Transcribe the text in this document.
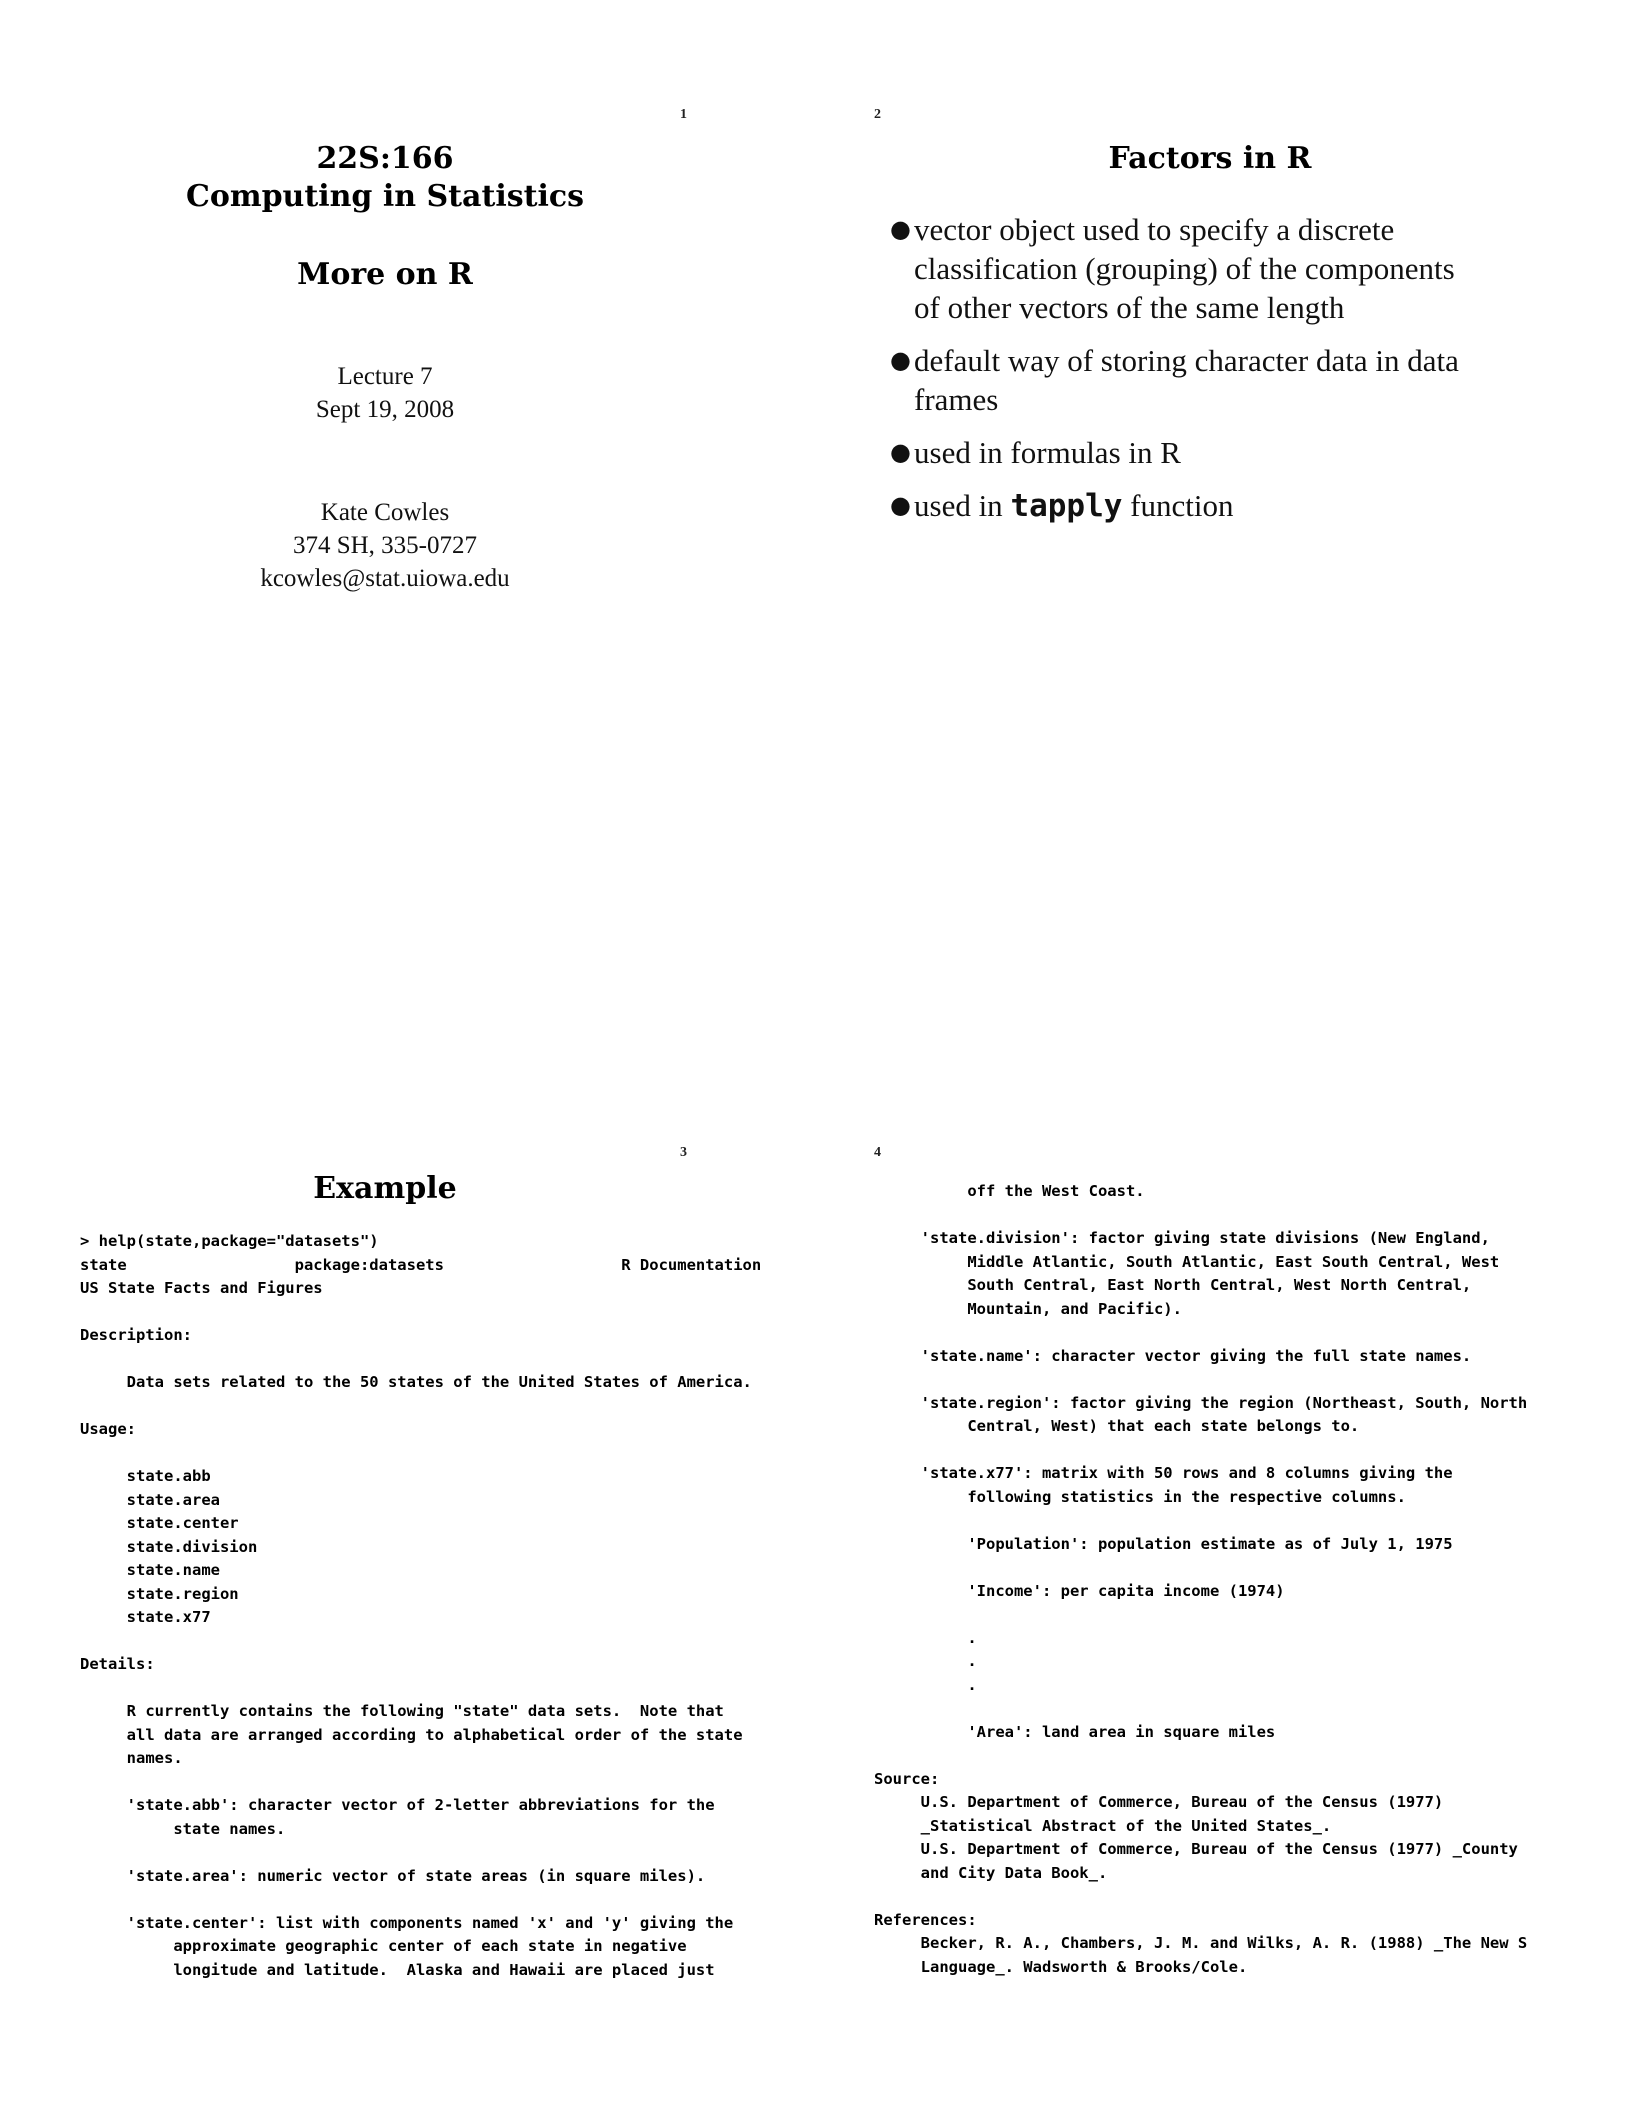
1
22S:166
Computing in Statistics
More on R
Lecture 7
Sept 19, 2008
Kate Cowles
374 SH, 335-0727
kcowles@stat.uiowa.edu
2
Factors in R
● vector object used to specify a discrete classification (grouping) of the components of other vectors of the same length
● default way of storing character data in data frames
● used in formulas in R
● used in tapply function
3
Example
> help(state,package="datasets")
state                  package:datasets                   R Documentation
US State Facts and Figures

Description:

Data sets related to the 50 states of the United States of America.

Usage:

state.abb
state.area
state.center
state.division
state.name
state.region
state.x77

Details:

R currently contains the following "state" data sets.  Note that
all data are arranged according to alphabetical order of the state
names.

'state.abb': character vector of 2-letter abbreviations for the
state names.

'state.area': numeric vector of state areas (in square miles).

'state.center': list with components named 'x' and 'y' giving the
approximate geographic center of each state in negative
longitude and latitude.  Alaska and Hawaii are placed just
4
off the West Coast.

'state.division': factor giving state divisions (New England,
Middle Atlantic, South Atlantic, East South Central, West
South Central, East North Central, West North Central,
Mountain, and Pacific).

'state.name': character vector giving the full state names.

'state.region': factor giving the region (Northeast, South, North
Central, West) that each state belongs to.

'state.x77': matrix with 50 rows and 8 columns giving the
following statistics in the respective columns.

'Population': population estimate as of July 1, 1975

'Income': per capita income (1974)

.
.
.

'Area': land area in square miles

Source:
U.S. Department of Commerce, Bureau of the Census (1977)
_Statistical Abstract of the United States_.
U.S. Department of Commerce, Bureau of the Census (1977) _County
and City Data Book_.

References:
Becker, R. A., Chambers, J. M. and Wilks, A. R. (1988) _The New S
Language_. Wadsworth & Brooks/Cole.
